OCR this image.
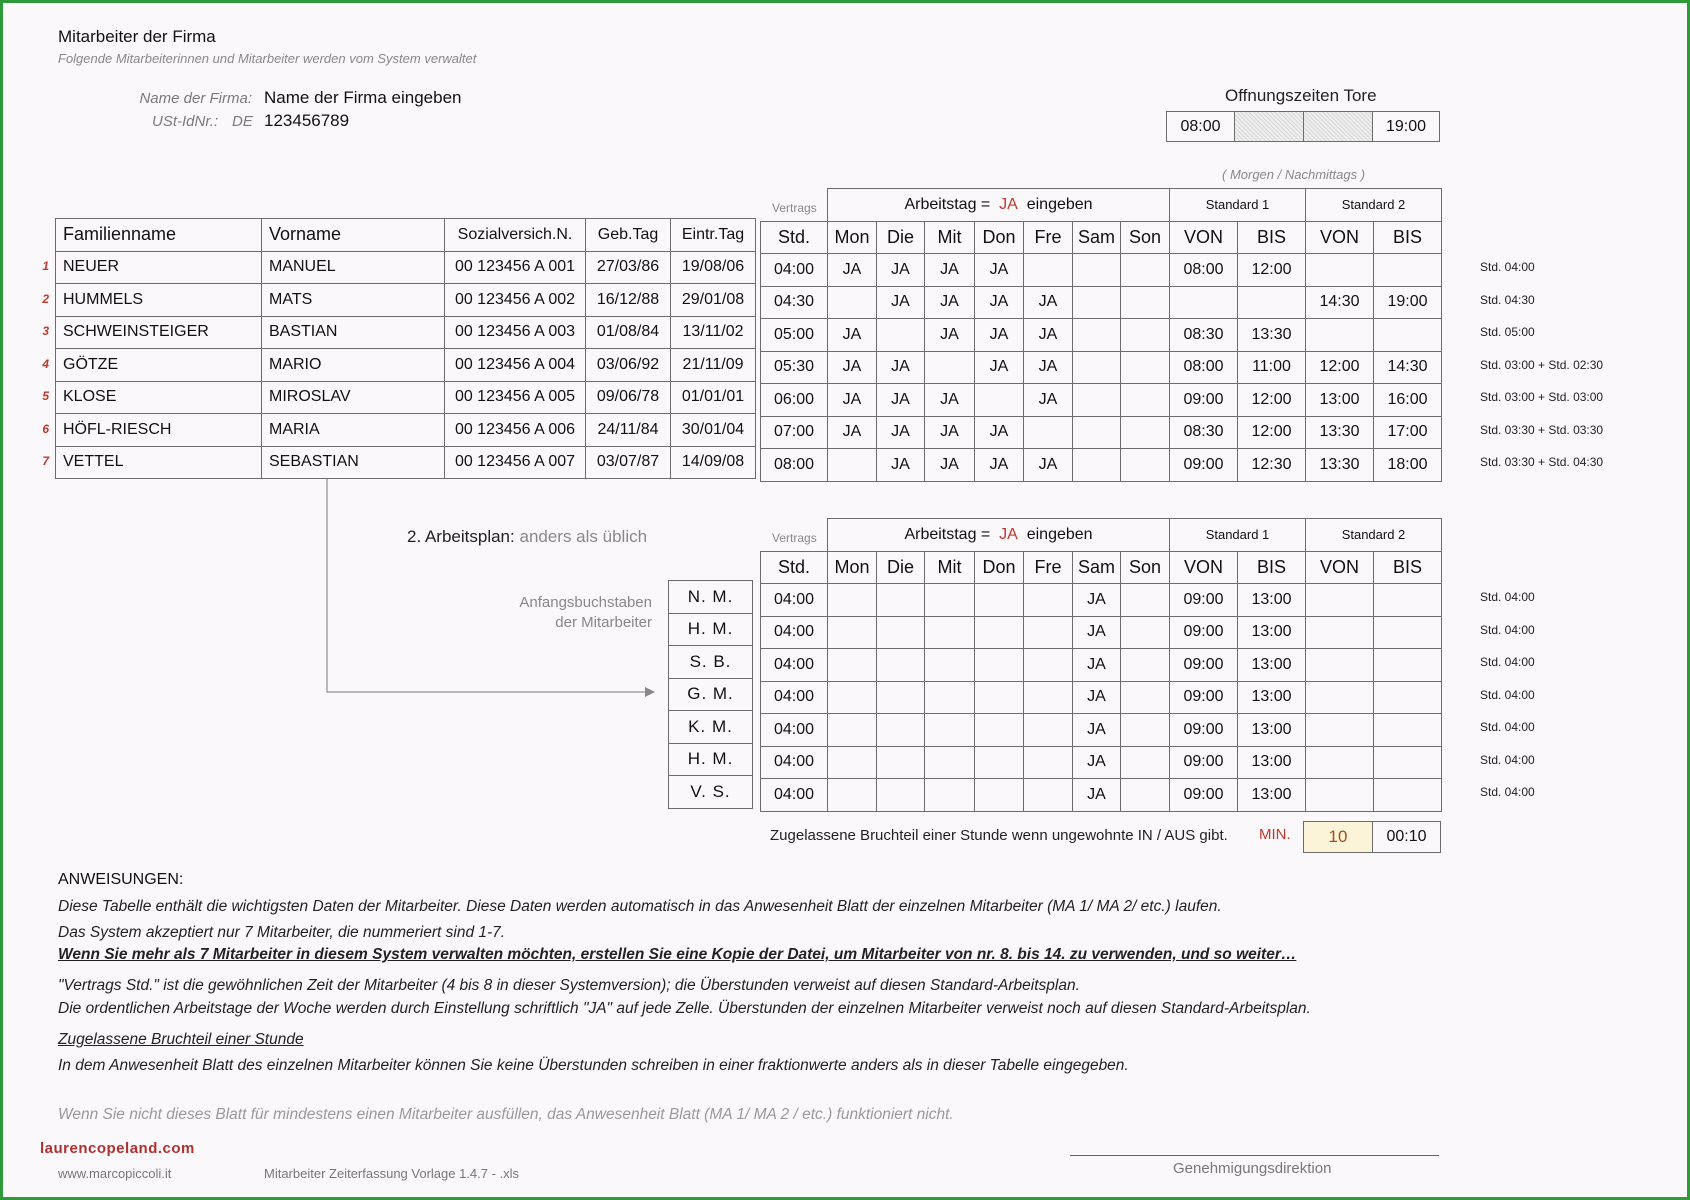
Mitarbeiter der Firma
Folgende Mitarbeiterinnen und Mitarbeiter werden vom System verwaltet
Name der Firma: Name der Firma eingeben
USt-IdNr.: DE 123456789
Offnungszeiten Tore
08:00	19:00
( Morgen / Nachmittags )
Familienname	Vorname	Sozialversich.N.	Geb.Tag	Eintr.Tag
NEUER	MANUEL	00 123456 A 001	27/03/86	19/08/06
HUMMELS	MATS	00 123456 A 002	16/12/88	29/01/08
SCHWEINSTEIGER	BASTIAN	00 123456 A 003	01/08/84	13/11/02
GÖTZE	MARIO	00 123456 A 004	03/06/92	21/11/09
KLOSE	MIROSLAV	00 123456 A 005	09/06/78	01/01/01
HÖFL-RIESCH	MARIA	00 123456 A 006	24/11/84	30/01/04
VETTEL	SEBASTIAN	00 123456 A 007	03/07/87	14/09/08
Vertrags
		Arbeitstag = JA eingeben							Standard 1		Standard 2	
Std.	Mon	Die	Mit	Don	Fre	Sam	Son	VON	BIS	VON	BIS
04:00	JA	JA	JA	JA				08:00	12:00		
04:30		JA	JA	JA	JA					14:30	19:00
05:00	JA		JA	JA	JA			08:30	13:30		
05:30	JA	JA		JA	JA			08:00	11:00	12:00	14:30
06:00	JA	JA	JA		JA			09:00	12:00	13:00	16:00
07:00	JA	JA	JA	JA				08:30	12:00	13:30	17:00
08:00		JA	JA	JA	JA			09:00	12:30	13:30	18:00
1
2
3
4
5
6
7
Std. 04:00
Std. 04:30
Std. 05:00
Std. 03:00 + Std. 02:30
Std. 03:00 + Std. 03:00
Std. 03:30 + Std. 03:30
Std. 03:30 + Std. 04:30
2. Arbeitsplan: anders als üblich
Anfangsbuchstaben
der Mitarbeiter
N. M.
H. M.
S. B.
G. M.
K. M.
H. M.
V. S.
Vertrags
		Arbeitstag = JA eingeben							Standard 1		Standard 2	
Std.	Mon	Die	Mit	Don	Fre	Sam	Son	VON	BIS	VON	BIS
04:00						JA		09:00	13:00		
04:00						JA		09:00	13:00		
04:00						JA		09:00	13:00		
04:00						JA		09:00	13:00		
04:00						JA		09:00	13:00		
04:00						JA		09:00	13:00		
04:00						JA		09:00	13:00		
Std. 04:00
Std. 04:00
Std. 04:00
Std. 04:00
Std. 04:00
Std. 04:00
Std. 04:00
Zugelassene Bruchteil einer Stunde wenn ungewohnte IN / AUS gibt. MIN.	10	00:10
ANWEISUNGEN:
Diese Tabelle enthält die wichtigsten Daten der Mitarbeiter. Diese Daten werden automatisch in das Anwesenheit Blatt der einzelnen Mitarbeiter (MA 1/ MA 2/ etc.) laufen.
Das System akzeptiert nur 7 Mitarbeiter, die nummeriert sind 1-7.
Wenn Sie mehr als 7 Mitarbeiter in diesem System verwalten möchten, erstellen Sie eine Kopie der Datei, um Mitarbeiter von nr. 8. bis 14. zu verwenden, und so weiter…
"Vertrags Std." ist die gewöhnlichen Zeit der Mitarbeiter (4 bis 8 in dieser Systemversion); die Überstunden verweist auf diesen Standard-Arbeitsplan.
Die ordentlichen Arbeitstage der Woche werden durch Einstellung schriftlich "JA" auf jede Zelle. Überstunden der einzelnen Mitarbeiter verweist noch auf diesen Standard-Arbeitsplan.
Zugelassene Bruchteil einer Stunde
In dem Anwesenheit Blatt des einzelnen Mitarbeiter können Sie keine Überstunden schreiben in einer fraktionwerte anders als in dieser Tabelle eingegeben.
Wenn Sie nicht dieses Blatt für mindestens einen Mitarbeiter ausfüllen, das Anwesenheit Blatt (MA 1/ MA 2 / etc.) funktioniert nicht.
laurencopeland.com
www.marcopiccoli.it	Mitarbeiter Zeiterfassung Vorlage 1.4.7 - .xls	Genehmigungsdirektion
